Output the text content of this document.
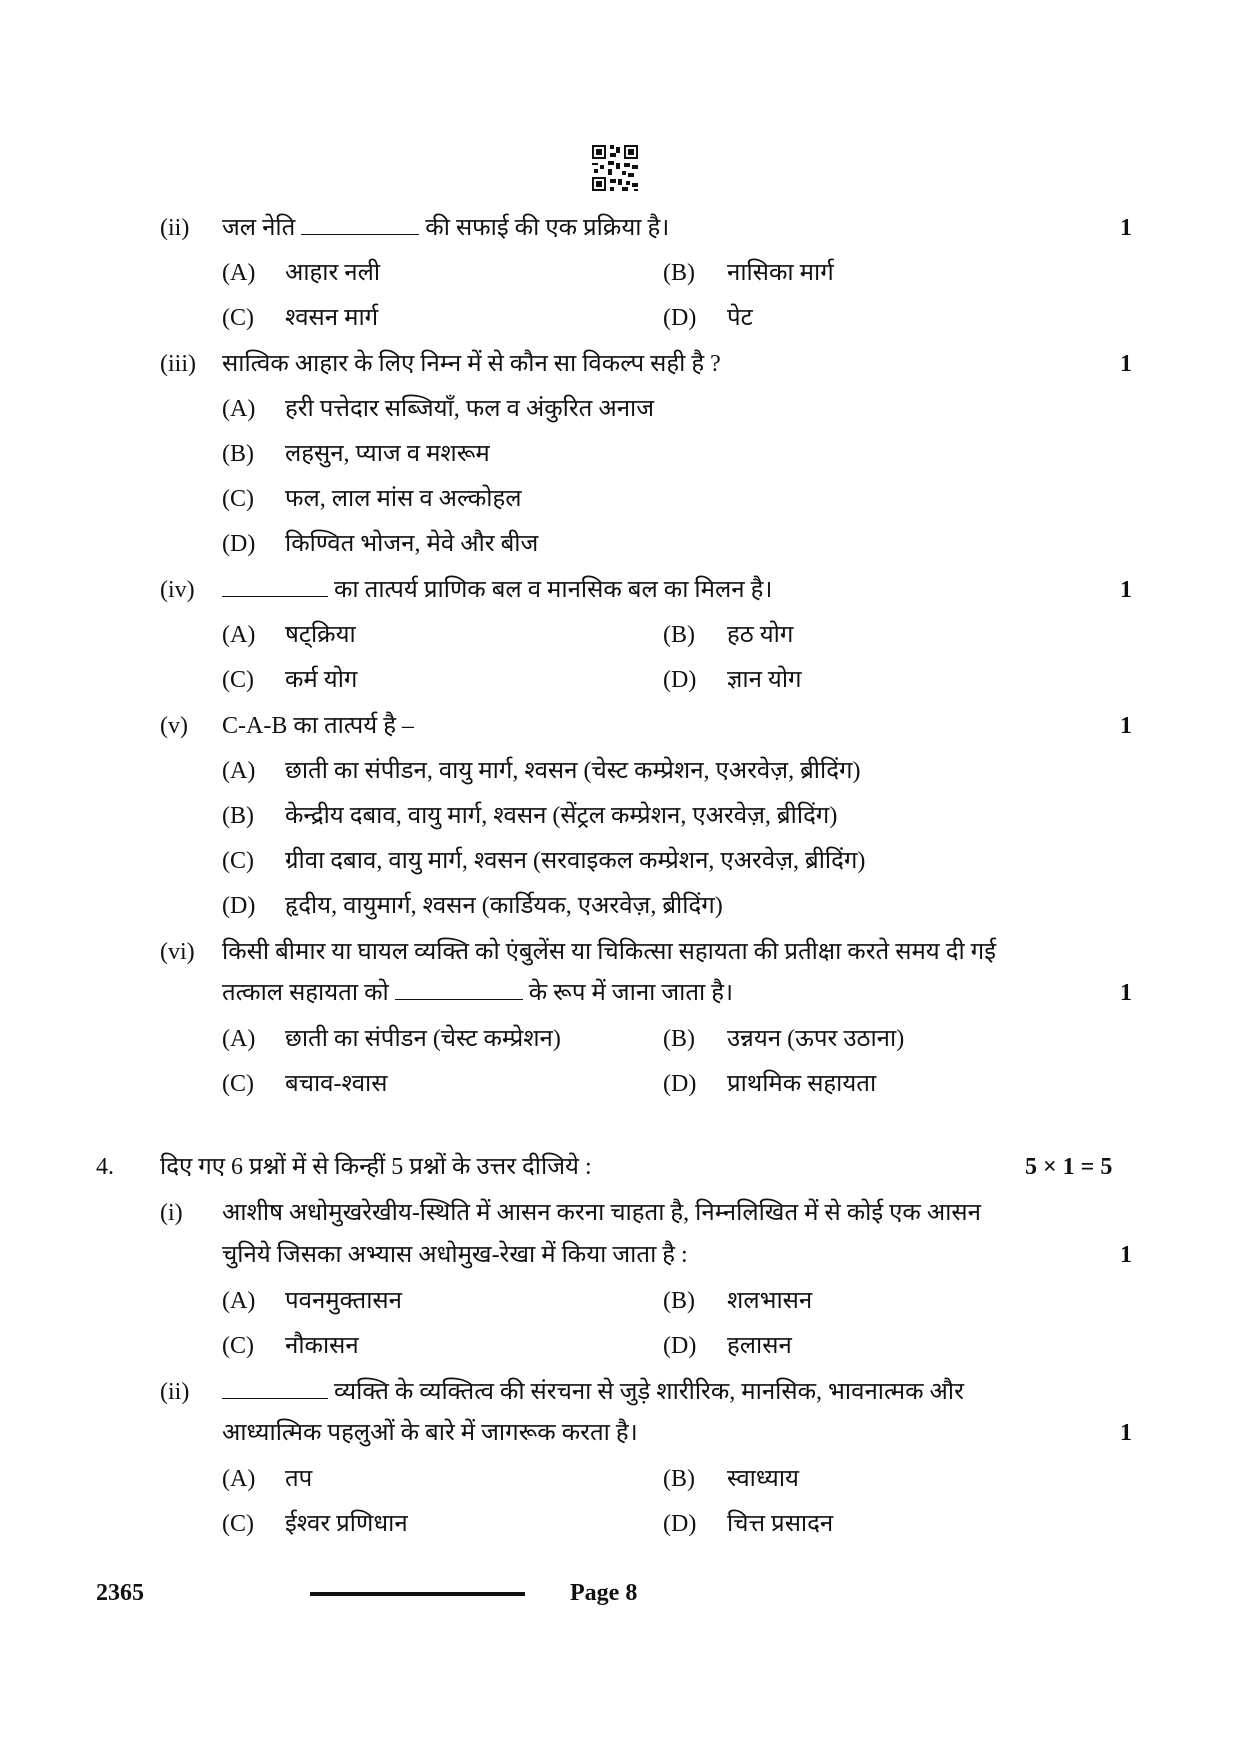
(ii) जल नेति	की सफाई की एक प्रक्रिया है।	1
(A) आहार नली	(B) नासिका मार्ग
(C) श्वसन मार्ग	(D) पेट
(iii) सात्विक आहार के लिए निम्न में से कौन सा विकल्प सही है ?	1
(A) हरी पत्तेदार सब्जियाँ, फल व अंकुरित अनाज
(B) लहसुन, प्याज व मशरूम
(C) फल, लाल मांस व अल्कोहल
(D) किण्वित भोजन, मेवे और बीज
(iv)	का तात्पर्य प्राणिक बल व मानसिक बल का मिलन है।	1
(A) षट्क्रिया	(B) हठ योग
(C) कर्म योग	(D) ज्ञान योग
(v) C-A-B का तात्पर्य है –	1
(A) छाती का संपीडन, वायु मार्ग, श्वसन (चेस्ट कम्प्रेशन, एअरवेज़, ब्रीदिंग)
(B) केन्द्रीय दबाव, वायु मार्ग, श्वसन (सेंट्रल कम्प्रेशन, एअरवेज़, ब्रीदिंग)
(C) ग्रीवा दबाव, वायु मार्ग, श्वसन (सरवाइकल कम्प्रेशन, एअरवेज़, ब्रीदिंग)
(D) हृदीय, वायुमार्ग, श्वसन (कार्डियक, एअरवेज़, ब्रीदिंग)
(vi) किसी बीमार या घायल व्यक्ति को एंबुलेंस या चिकित्सा सहायता की प्रतीक्षा करते समय दी गई
तत्काल सहायता को	के रूप में जाना जाता है।	1
(A) छाती का संपीडन (चेस्ट कम्प्रेशन)	(B) उन्नयन (ऊपर उठाना)
(C) बचाव-श्वास	(D) प्राथमिक सहायता
4. दिए गए 6 प्रश्नों में से किन्हीं 5 प्रश्नों के उत्तर दीजिये :	5 × 1 = 5
(i) आशीष अधोमुखरेखीय-स्थिति में आसन करना चाहता है, निम्नलिखित में से कोई एक आसन
चुनिये जिसका अभ्यास अधोमुख-रेखा में किया जाता है :	1
(A) पवनमुक्तासन	(B) शलभासन
(C) नौकासन	(D) हलासन
(ii)	व्यक्ति के व्यक्तित्व की संरचना से जुड़े शारीरिक, मानसिक, भावनात्मक और
आध्यात्मिक पहलुओं के बारे में जागरूक करता है।	1
(A) तप	(B) स्वाध्याय
(C) ईश्वर प्रणिधान	(D) चित्त प्रसादन
2365	Page 8
